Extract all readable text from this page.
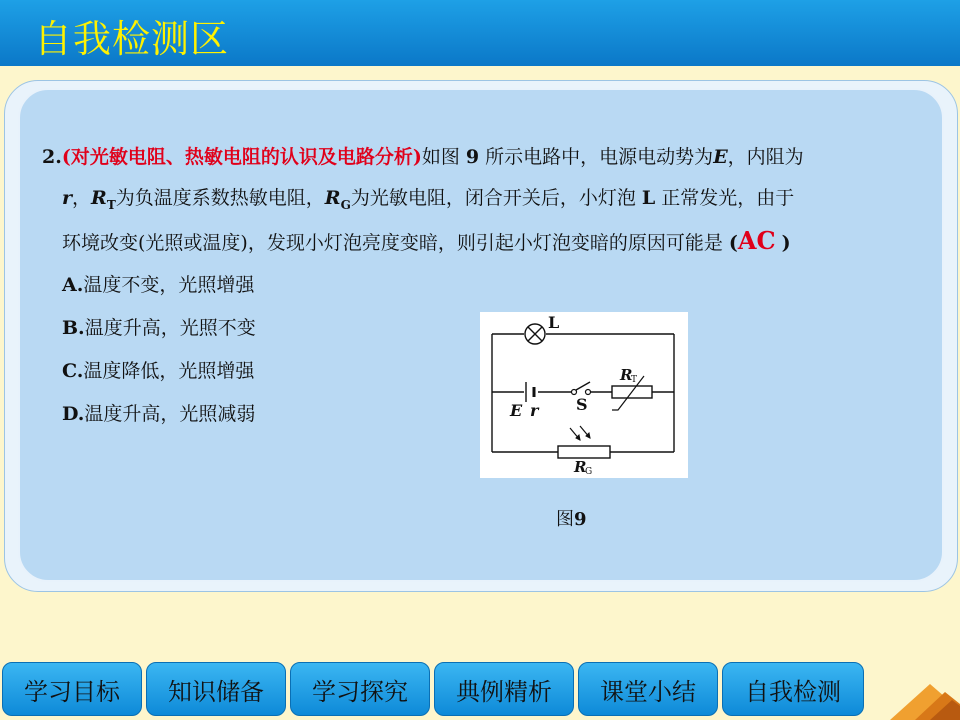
自我检测区
2.(对光敏电阻、热敏电阻的认识及电路分析)如图 9 所示电路中，电源电动势为E，内阻为
r，$R_T$为负温度系数热敏电阻，$R_G$为光敏电阻，闭合开关后，小灯泡 L 正常发光，由于
环境改变(光照或温度)，发现小灯泡亮度变暗，则引起小灯泡变暗的原因可能是 (AC )
A.温度不变，光照增强
B.温度升高，光照不变
C.温度降低，光照增强
D.温度升高，光照减弱
L
E r S
R
T
R
G
图9
学习目标 知识储备 学习探究 典例精析 课堂小结 自我检测
